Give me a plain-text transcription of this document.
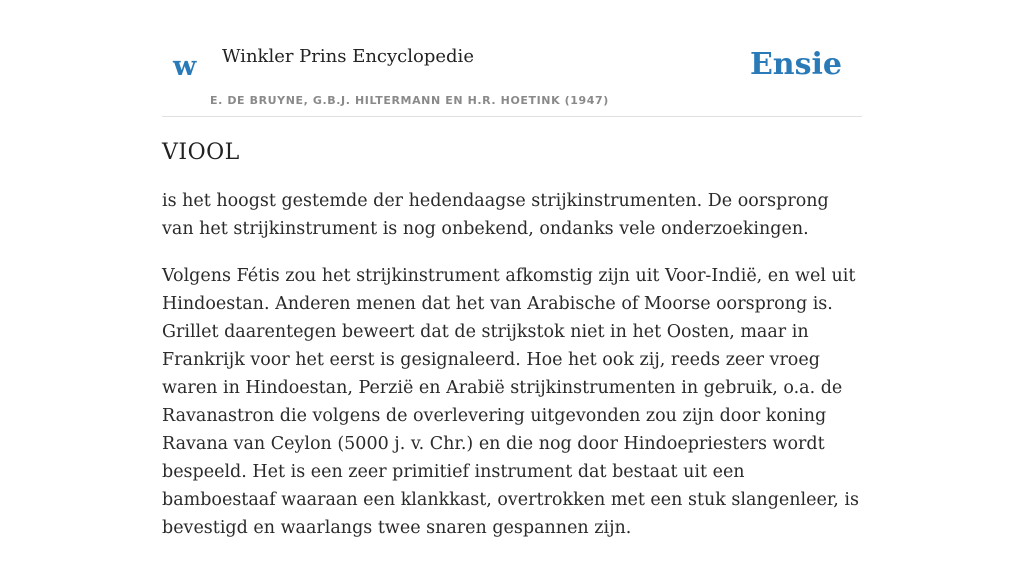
w Winkler Prins Encyclopedie
E. DE BRUYNE, G.B.J. HILTERMANN EN H.R. HOETINK (1947)
Ensie
VIOOL

is het hoogst gestemde der hedendaagse strijkinstrumenten. De oorsprong van het strijkinstrument is nog onbekend, ondanks vele onderzoekingen.

Volgens Fétis zou het strijkinstrument afkomstig zijn uit Voor-Indië, en wel uit Hindoestan. Anderen menen dat het van Arabische of Moorse oorsprong is. Grillet daarentegen beweert dat de strijkstok niet in het Oosten, maar in Frankrijk voor het eerst is gesignaleerd. Hoe het ook zij, reeds zeer vroeg waren in Hindoestan, Perzië en Arabië strijkinstrumenten in gebruik, o.a. de Ravanastron die volgens de overlevering uitgevonden zou zijn door koning Ravana van Ceylon (5000 j. v. Chr.) en die nog door Hindoepriesters wordt bespeeld. Het is een zeer primitief instrument dat bestaat uit een bamboestaaf waaraan een klankkast, overtrokken met een stuk slangenleer, is bevestigd en waarlangs twee snaren gespannen zijn.
